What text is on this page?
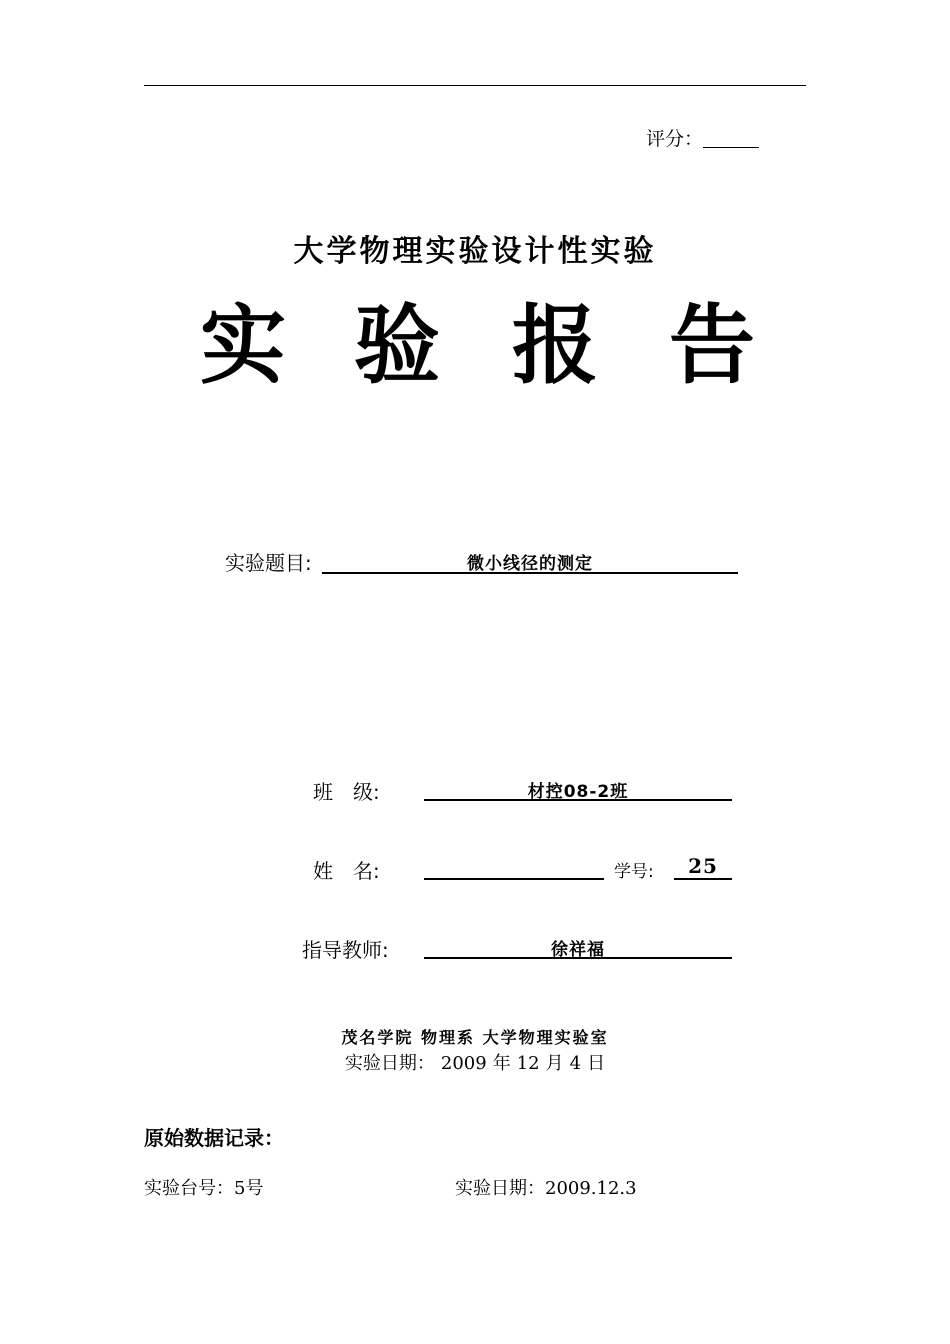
评分：
大学物理实验设计性实验
实 验 报 告
实验题目:	微小线径的测定
班　级:	材控08-2班
姓　名:	学号:	25
指导教师:	徐祥福
茂名学院 物理系 大学物理实验室
实验日期： 2009 年 12 月 4 日
原始数据记录：
实验台号：5号	实验日期：2009.12.3
